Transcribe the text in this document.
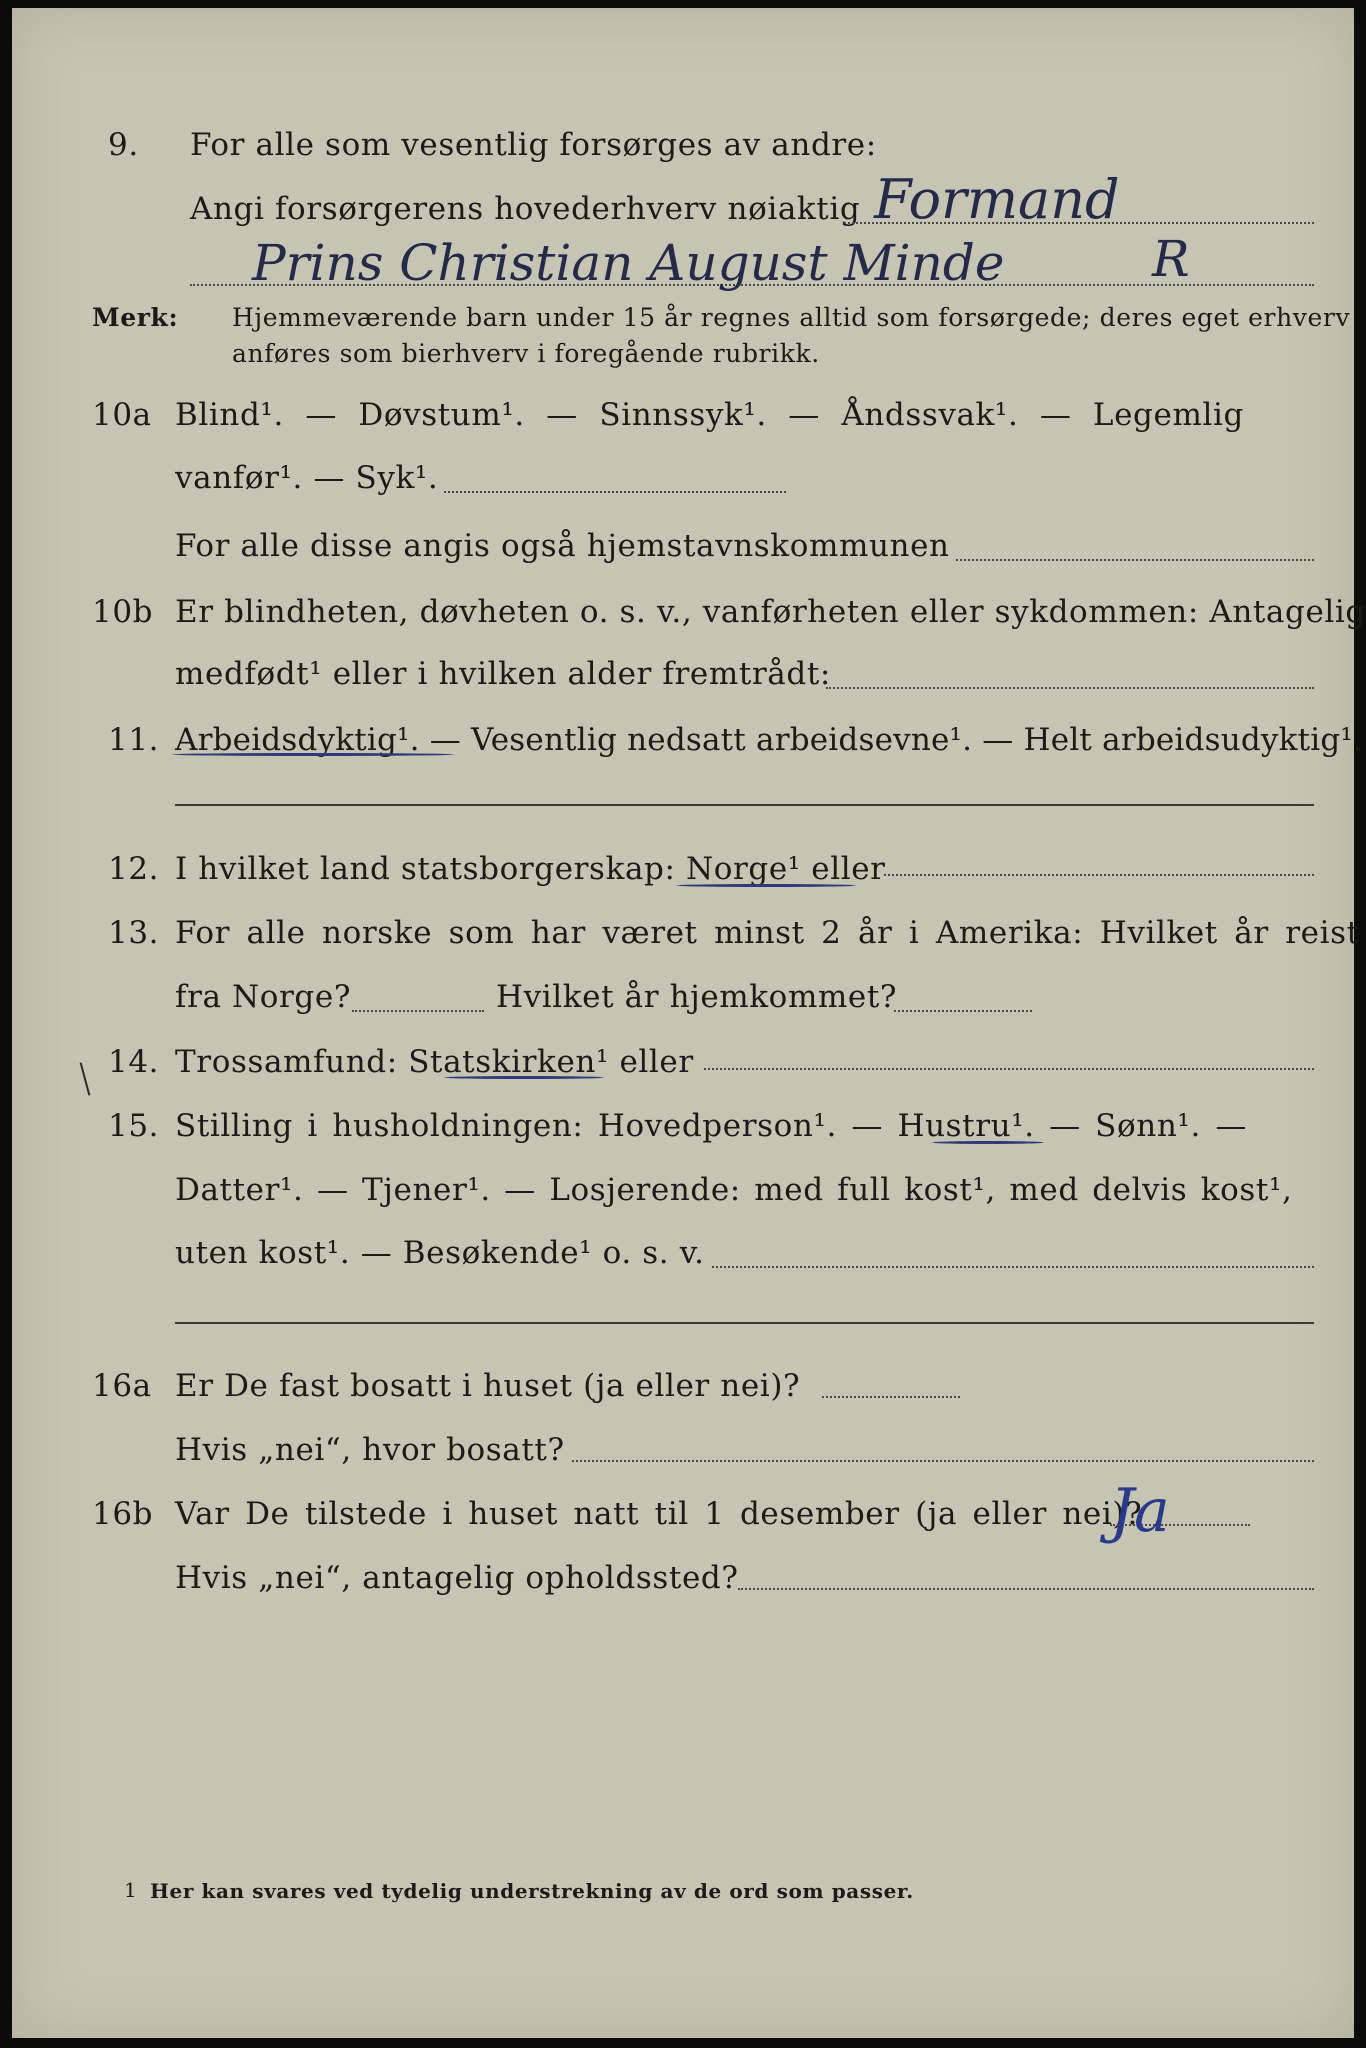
9. For alle som vesentlig forsørges av andre:
Angi forsørgerens hovederhverv nøiaktig Formand
Prins Christian August Minde	R
Merk: Hjemmeværende barn under 15 år regnes alltid som forsørgede; deres eget erhverv
anføres som bierhverv i foregående rubrikk.
10a Blind¹. — Døvstum¹. — Sinnssyk¹. — Åndssvak¹. — Legemlig
vanfør¹. — Syk¹.
For alle disse angis også hjemstavnskommunen
10b Er blindheten, døvheten o. s. v., vanførheten eller sykdommen: Antagelig
medfødt¹ eller i hvilken alder fremtrådt:
11. Arbeidsdyktig¹. — Vesentlig nedsatt arbeidsevne¹. — Helt arbeidsudyktig¹.
12. I hvilket land statsborgerskap: Norge¹ eller
13. For alle norske som har været minst 2 år i Amerika: Hvilket år reist
fra Norge?	Hvilket år hjemkommet?
14. Trossamfund: Statskirken¹ eller
15. Stilling i husholdningen: Hovedperson¹. — Hustru¹. — Sønn¹. —
Datter¹. — Tjener¹. — Losjerende: med full kost¹, med delvis kost¹,
uten kost¹. — Besøkende¹ o. s. v.
16a Er De fast bosatt i huset (ja eller nei)?
Hvis „nei“, hvor bosatt?
16b Var De tilstede i huset natt til 1 desember (ja eller nei)?
Ja
Hvis „nei“, antagelig opholdssted?
1 Her kan svares ved tydelig understrekning av de ord som passer.
